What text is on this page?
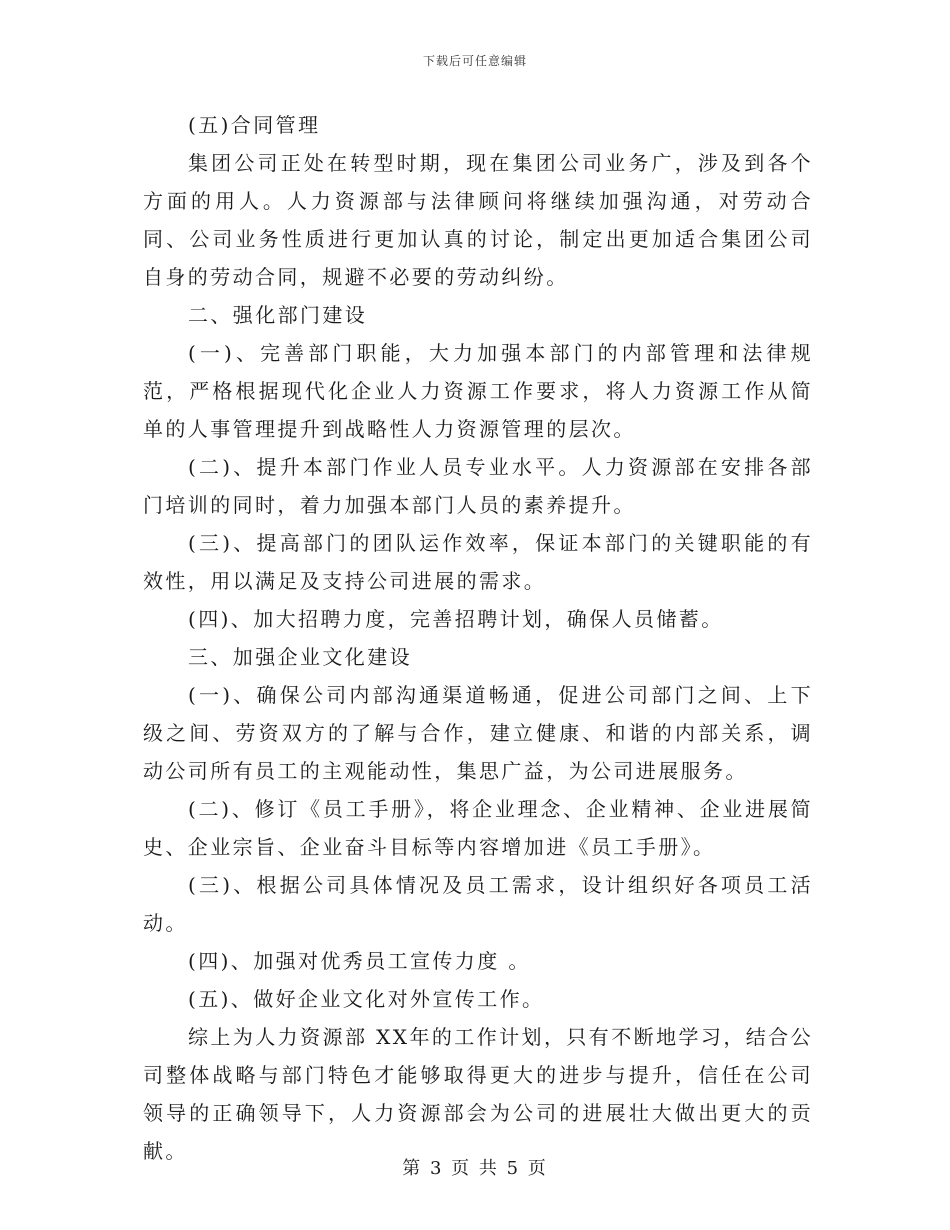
下载后可任意编辑

(五)合同管理

集团公司正处在转型时期，现在集团公司业务广，涉及到各个方面的用人。人力资源部与法律顾问将继续加强沟通，对劳动合同、公司业务性质进行更加认真的讨论，制定出更加适合集团公司自身的劳动合同，规避不必要的劳动纠纷。

二、强化部门建设

(一)、完善部门职能，大力加强本部门的内部管理和法律规范，严格根据现代化企业人力资源工作要求，将人力资源工作从简单的人事管理提升到战略性人力资源管理的层次。

(二)、提升本部门作业人员专业水平。人力资源部在安排各部门培训的同时，着力加强本部门人员的素养提升。

(三)、提高部门的团队运作效率，保证本部门的关键职能的有效性，用以满足及支持公司进展的需求。

(四)、加大招聘力度，完善招聘计划，确保人员储蓄。

三、加强企业文化建设

(一)、确保公司内部沟通渠道畅通，促进公司部门之间、上下级之间、劳资双方的了解与合作，建立健康、和谐的内部关系，调动公司所有员工的主观能动性，集思广益，为公司进展服务。

(二)、修订《员工手册》，将企业理念、企业精神、企业进展简史、企业宗旨、企业奋斗目标等内容增加进《员工手册》。

(三)、根据公司具体情况及员工需求，设计组织好各项员工活动。

(四)、加强对优秀员工宣传力度 。

(五)、做好企业文化对外宣传工作。

综上为人力资源部 XX年的工作计划，只有不断地学习，结合公司整体战略与部门特色才能够取得更大的进步与提升，信任在公司领导的正确领导下，人力资源部会为公司的进展壮大做出更大的贡献。

第 3 页 共 5 页
